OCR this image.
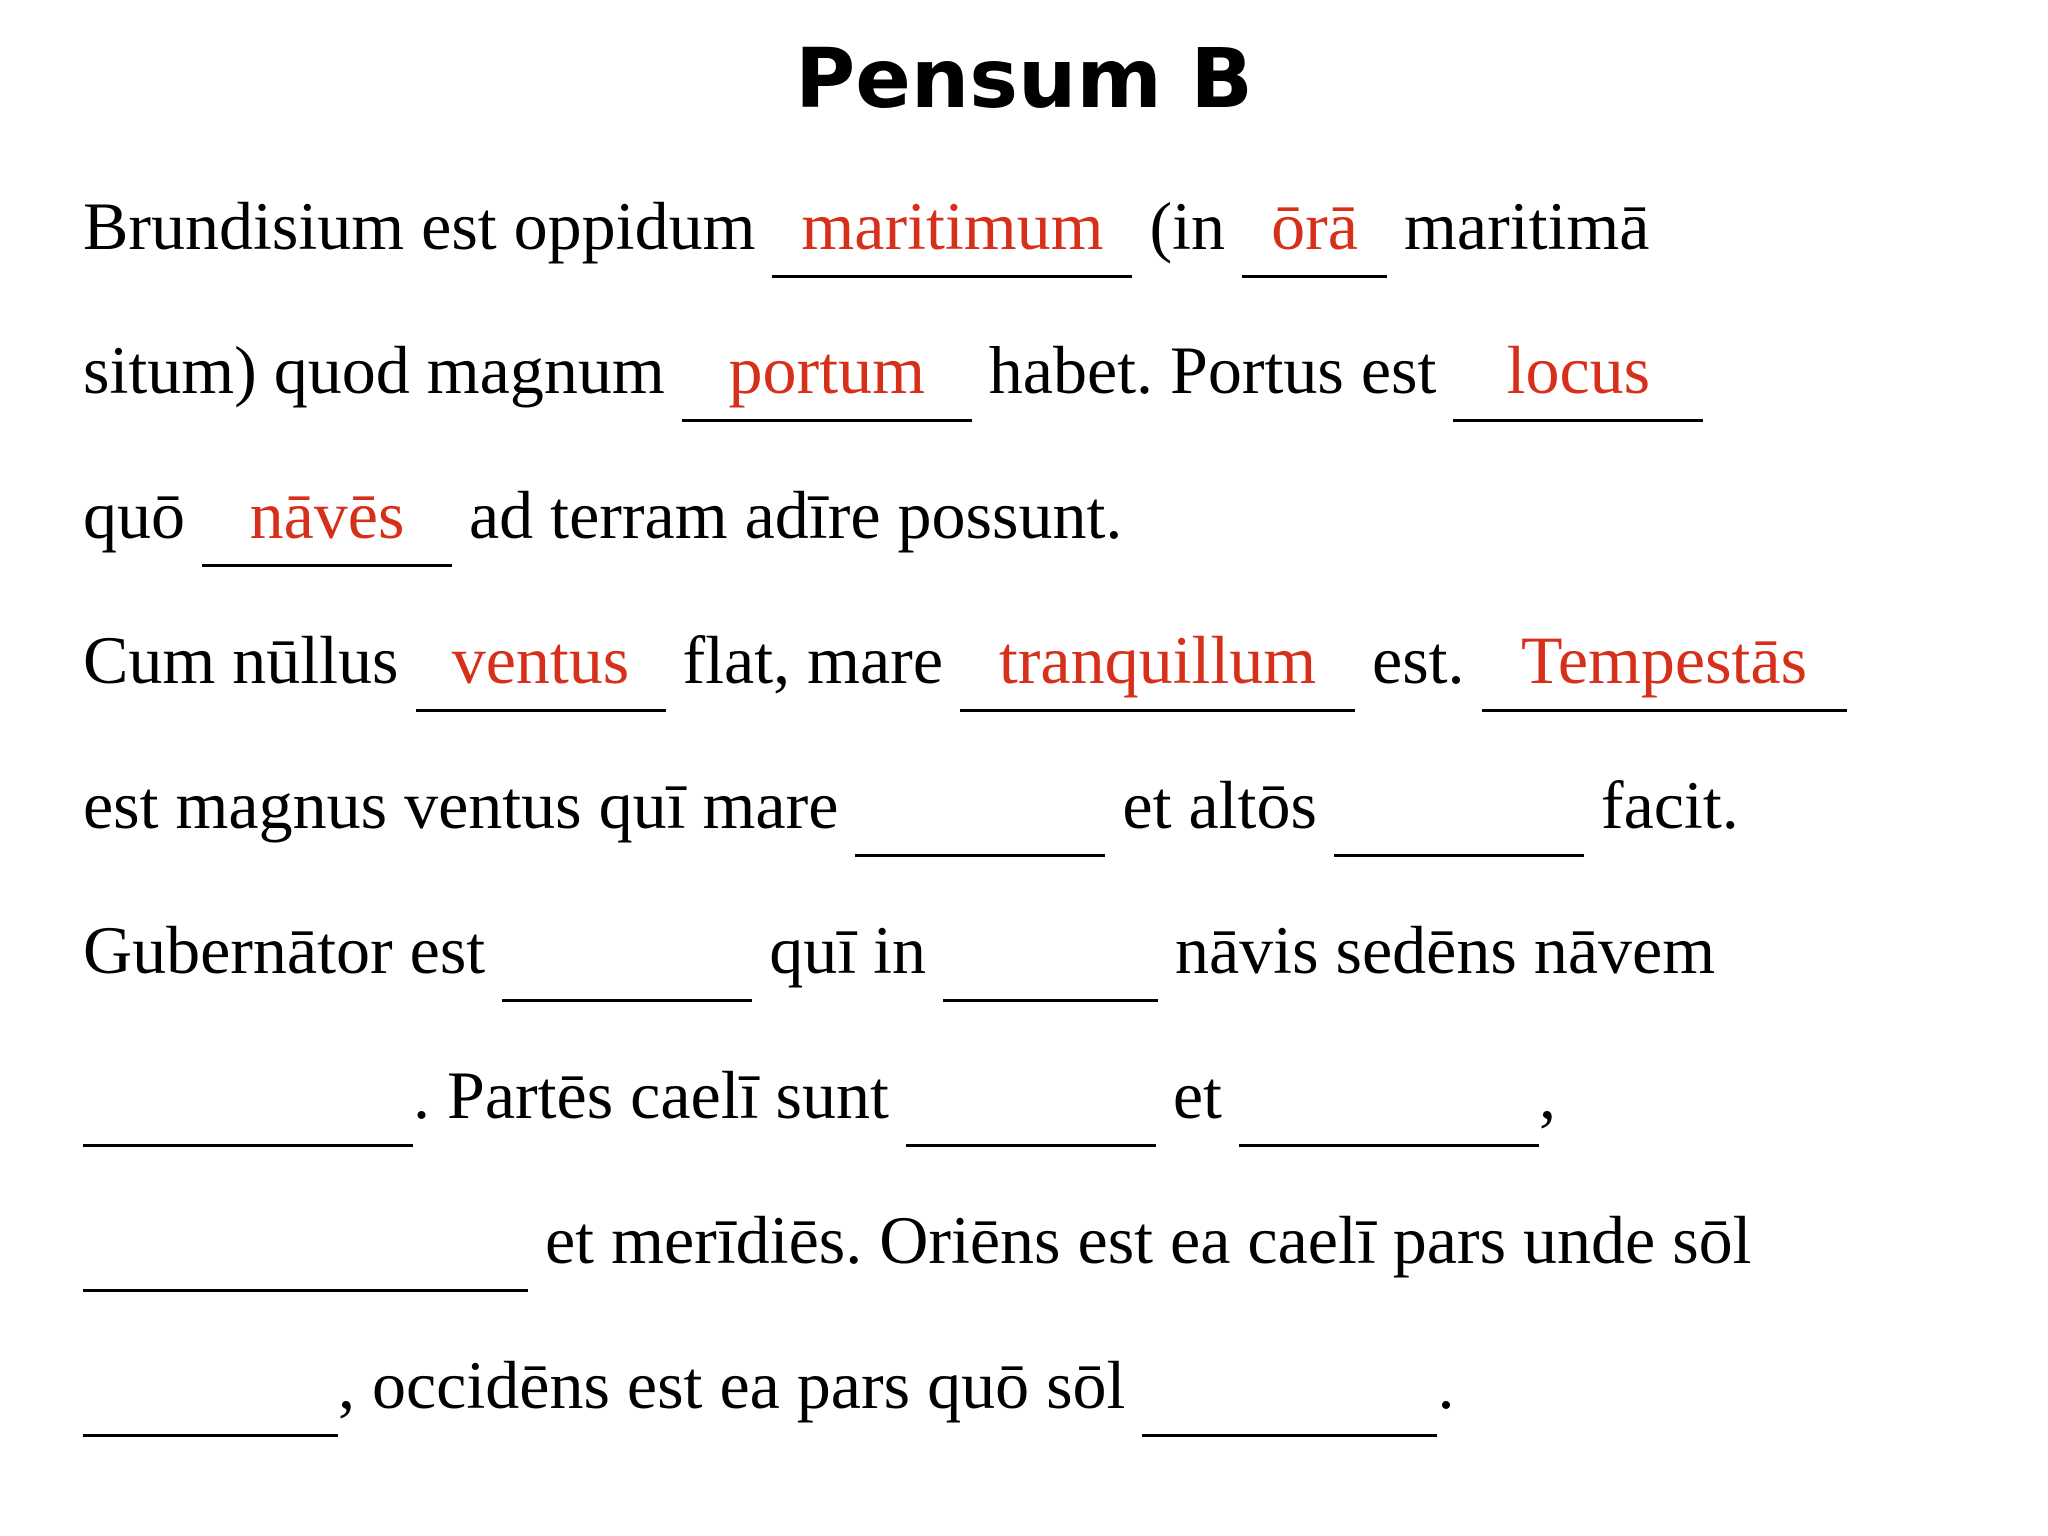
Pensum B
Brundisium est oppidum maritimum
(in ōrā
maritimā
situm) quod magnum portum
habet. Portus est locus
quō nāvēs
ad terram adīre possunt.
Cum nūllus ventus
flat, mare tranquillum
est. Tempestās
est magnus ventus quī mare	et altōs	facit.
Gubernātor est	quī in	nāvis sedēns nāvem

. Partēs caelī sunt	et	,

et merīdiēs. Oriēns est ea caelī pars unde sōl

, occidēns est ea pars quō sōl	.
